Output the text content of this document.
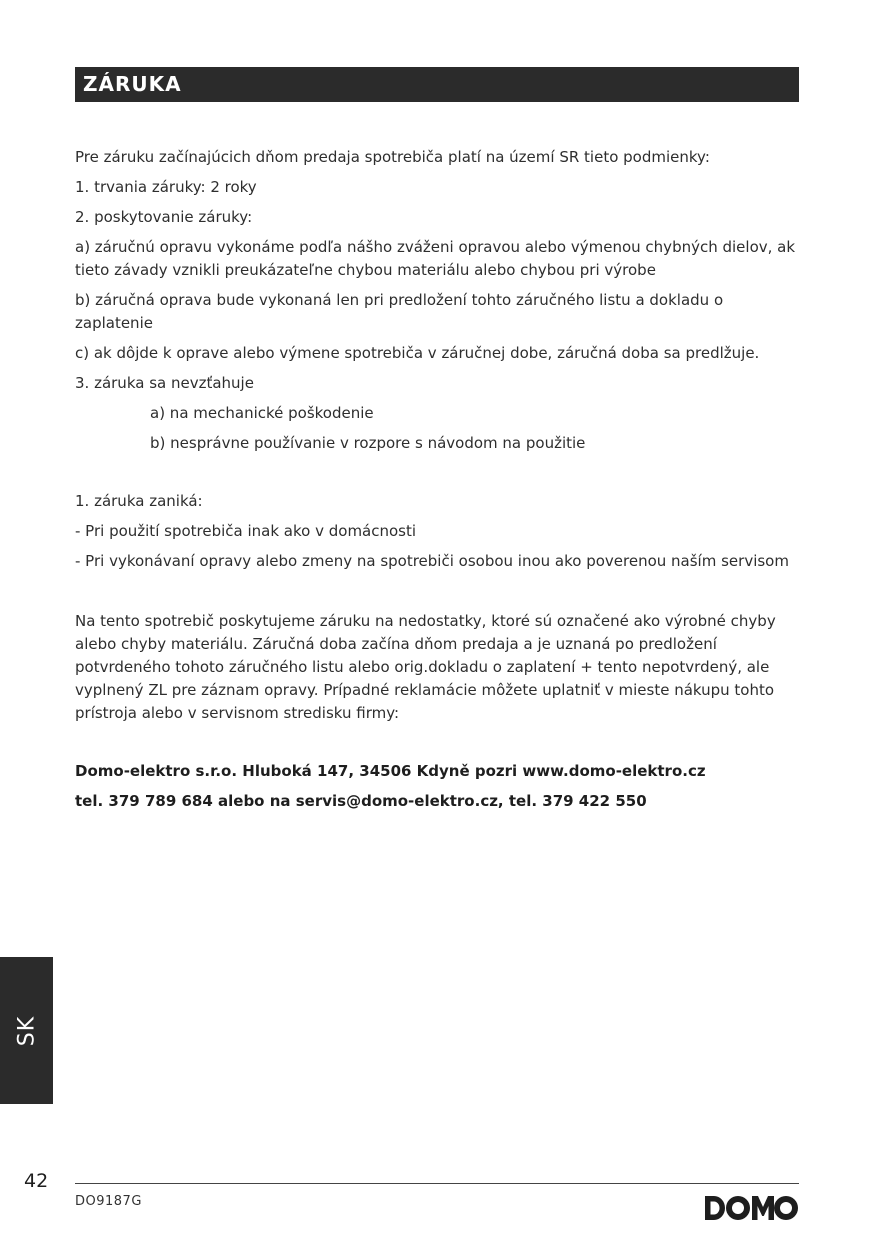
ZÁRUKA

Pre záruku začínajúcich dňom predaja spotrebiča platí na území SR tieto podmienky:

1. trvania záruky: 2 roky

2. poskytovanie záruky:

a) záručnú opravu vykonáme podľa nášho zváženi opravou alebo výmenou chybných dielov, ak tieto závady vznikli preukázateľne chybou materiálu alebo chybou pri výrobe

b) záručná oprava bude vykonaná len pri predložení tohto záručného listu a dokladu o zaplatenie

c) ak dôjde k oprave alebo výmene spotrebiča v záručnej dobe, záručná doba sa predlžuje.

3. záruka sa nevzťahuje

a) na mechanické poškodenie

b) nesprávne používanie v rozpore s návodom na použitie

1. záruka zaniká:

- Pri použití spotrebiča inak ako v domácnosti

- Pri vykonávaní opravy alebo zmeny na spotrebiči osobou inou ako poverenou naším servisom

Na tento spotrebič poskytujeme záruku na nedostatky, ktoré sú označené ako výrobné chyby alebo chyby materiálu. Záručná doba začína dňom predaja a je uznaná po predložení potvrdeného tohoto záručného listu alebo orig.dokladu o zaplatení + tento nepotvrdený, ale vyplnený ZL pre záznam opravy. Prípadné reklamácie môžete uplatniť v mieste nákupu tohto prístroja alebo v servisnom stredisku firmy:

Domo-elektro s.r.o. Hluboká 147, 34506 Kdyně pozri www.domo-elektro.cz

tel. 379 789 684 alebo na servis@domo-elektro.cz, tel. 379 422 550

SK
42
DO9187G
